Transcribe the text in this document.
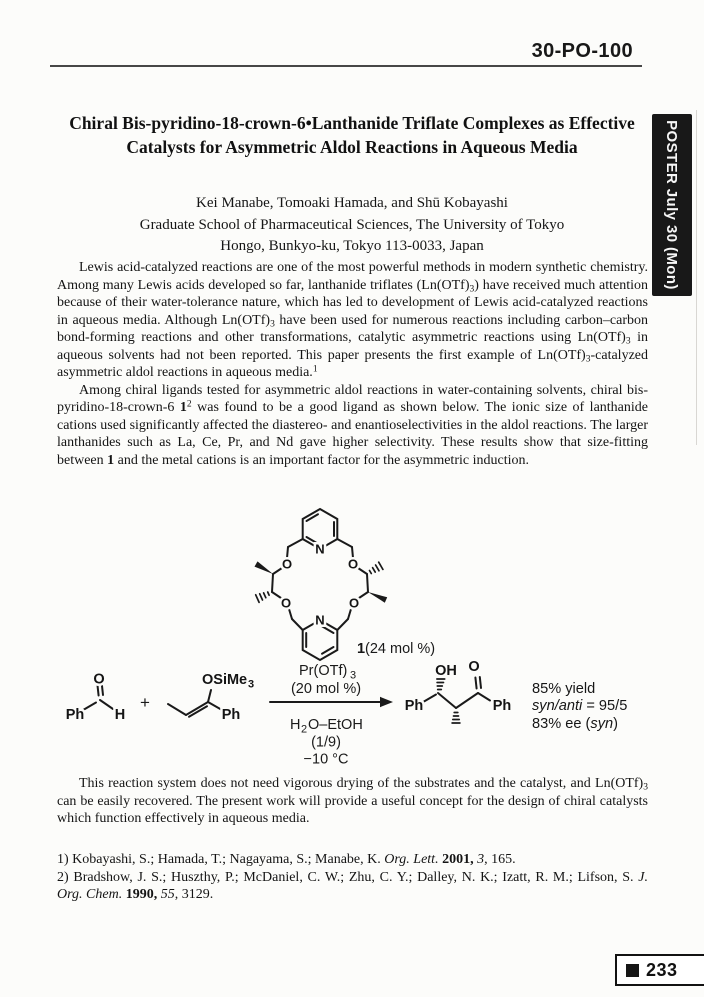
30-PO-100
Chiral Bis-pyridino-18-crown-6•Lanthanide Triflate Complexes as Effective
Catalysts for Asymmetric Aldol Reactions in Aqueous Media	POSTER July 30 (Mon)
Kei Manabe, Tomoaki Hamada, and Shū Kobayashi
Graduate School of Pharmaceutical Sciences, The University of Tokyo
Hongo, Bunkyo-ku, Tokyo 113-0033, Japan

Lewis acid-catalyzed reactions are one of the most powerful methods in modern synthetic chemistry. Among many Lewis acids developed so far, lanthanide triflates (Ln(OTf)3) have received much attention because of their water-tolerance nature, which has led to development of Lewis acid-catalyzed reactions in aqueous media. Although Ln(OTf)3 have been used for numerous reactions including carbon–carbon bond-forming reactions and other transformations, catalytic asymmetric reactions using Ln(OTf)3 in aqueous solvents had not been reported. This paper presents the first example of Ln(OTf)3-catalyzed asymmetric aldol reactions in aqueous media.$^1$

Among chiral ligands tested for asymmetric aldol reactions in water-containing solvents, chiral bis-pyridino-18-crown-6 $1^2$ was found to be a good ligand as shown below. The ionic size of lanthanide cations used significantly affected the diastereo- and enantioselectivities in the aldol reactions. The larger lanthanides such as La, Ce, Pr, and Nd gave higher selectivity. These results show that size-fitting between 1 and the metal cations is an important factor for the asymmetric induction.

N
N
O	O
O	O
1 (24 mol %)
Ph
O
H
+
OSiMe 3
Ph
Pr(OTf) 3
(20 mol %)
H 2 O–EtOH
(1/9)
−10 °C
OH O
Ph	Ph
85% yield
syn/anti = 95/5
83% ee (syn)

This reaction system does not need vigorous drying of the substrates and the catalyst, and Ln(OTf)3 can be easily recovered. The present work will provide a useful concept for the design of chiral catalysts which function effectively in aqueous media.

1) Kobayashi, S.; Hamada, T.; Nagayama, S.; Manabe, K. Org. Lett. 2001, 3, 165.

2) Bradshow, J. S.; Huszthy, P.; McDaniel, C. W.; Zhu, C. Y.; Dalley, N. K.; Izatt, R. M.; Lifson, S. J. Org. Chem. 1990, 55, 3129.

233
